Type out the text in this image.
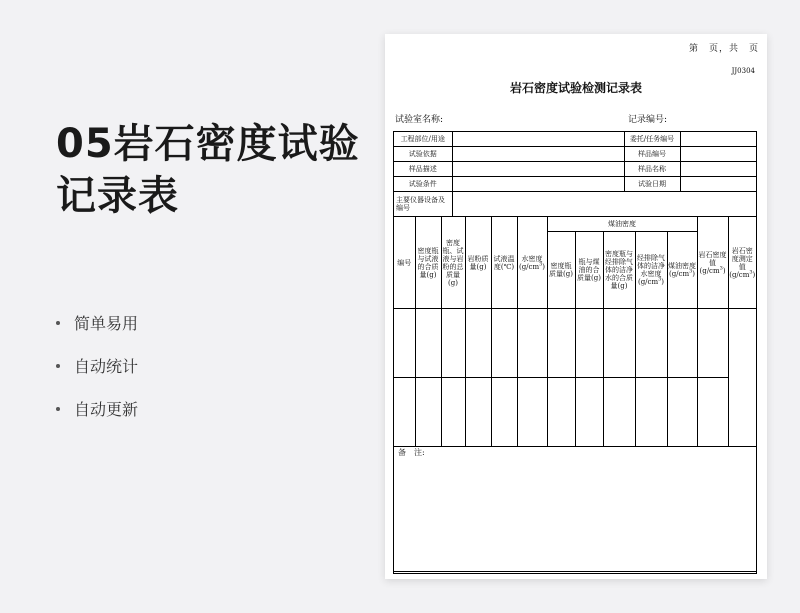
05岩石密度试验
记录表
简单易用
自动统计
自动更新
第　页，共　页
JJ0304
岩石密度试验检测记录表
试验室名称:	记录编号:
工程部位/用途		委托/任务编号	
试验依据		样品编号	
样品描述		样品名称	
试验条件		试验日期	
主要仪器设备及编号			
编号	密度瓶与试液的合质量(g)	密度瓶、试液与岩粉的总质量(g)	岩粉质量(g)	试液温度(℃)	水密度$(g/cm^3)$	煤油密度					岩石密度值$(g/cm^3)$	岩石密度测定值$(g/cm^3)$
						密度瓶质量(g)	瓶与煤油的合质量(g)	密度瓶与经排除气体的洁净水的合质量(g)	经排除气体的洁净水密度$(g/cm^3)$	煤油密度$(g/cm^3)$		

备　注:												
